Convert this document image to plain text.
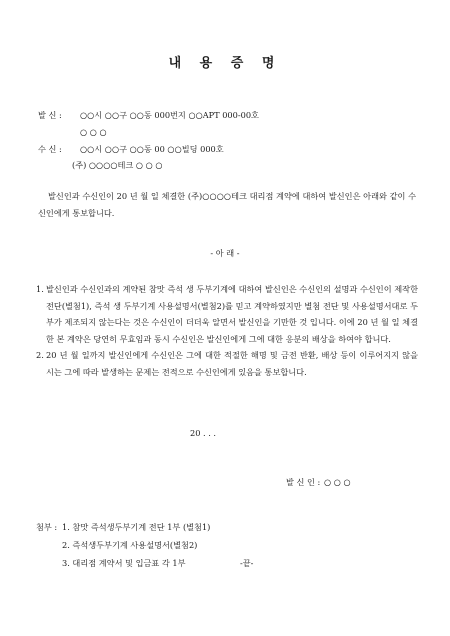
내 용 증 명
발 신 : ○○시 ○○구 ○○동 000번지 ○○APT 000-00호
○ ○ ○
수 신 : ○○시 ○○구 ○○동 00 ○○빌딩 000호
(주) ○○○○테크 ○ ○ ○
발신인과 수신인이 20 년 월 일 체결한 (주)○○○○테크 대리점 계약에 대하여 발신인은 아래와 같이 수신인에게 통보합니다.
- 아 래 -
1. 발신인과 수신인과의 계약된 참맛 즉석 생 두부기계에 대하여 발신인은 수신인의 설명과 수신인이 제작한 전단(별첨1), 즉석 생 두부기계 사용설명서(별첨2)를 믿고 계약하였지만 별첨 전단 및 사용설명서대로 두부가 제조되지 않는다는 것은 수신인이 더더욱 알면서 발신인을 기만한 것 입니다. 이에 20 년 월 일 체결한 본 계약은 당연히 무효임과 동시 수신인은 발신인에게 그에 대한 응분의 배상을 하여야 합니다.
2. 20 년 월 일까지 발신인에게 수신인은 그에 대한 적절한 해명 및 금전 반환, 배상 등이 이루어지지 않을 시는 그에 따라 발생하는 문제는 전적으로 수신인에게 있음을 통보합니다.
20 . . .
발 신 인 : ○ ○ ○
첨부 : 1. 참맛 즉석생두부기계 전단 1부 (별첨1)
2. 즉석생두부기계 사용설명서(별첨2)
3. 대리점 계약서 및 입금표 각 1부	-끝-
